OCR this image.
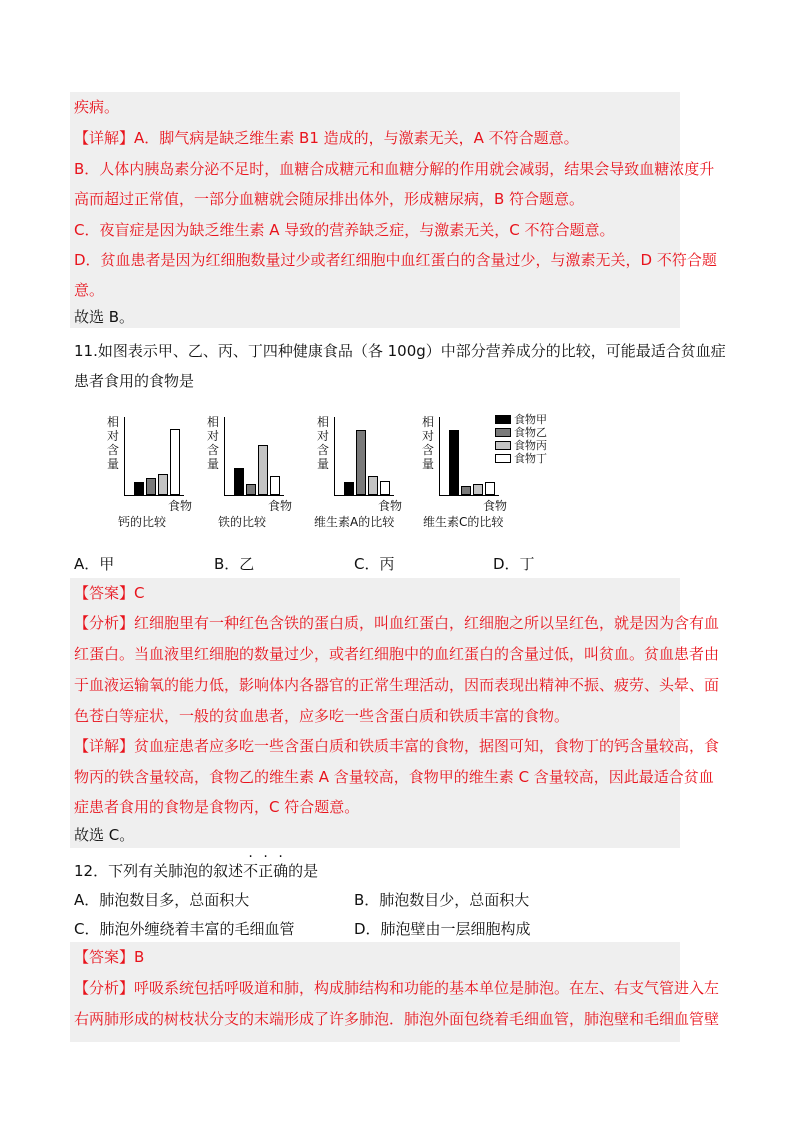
疾病。
【详解】A．脚气病是缺乏维生素 B1 造成的，与激素无关，A 不符合题意。
B．人体内胰岛素分泌不足时，血糖合成糖元和血糖分解的作用就会减弱，结果会导致血糖浓度升
高而超过正常值，一部分血糖就会随尿排出体外，形成糖尿病，B 符合题意。
C．夜盲症是因为缺乏维生素 A 导致的营养缺乏症，与激素无关，C 不符合题意。
D．贫血患者是因为红细胞数量过少或者红细胞中血红蛋白的含量过少，与激素无关，D 不符合题
意。
故选 B。
11.如图表示甲、乙、丙、丁四种健康食品（各 100g）中部分营养成分的比较，可能最适合贫血症
患者食用的食物是
食物甲
食物乙
食物丙
食物丁
相对含量
食物
钙的比较
相对含量
食物
铁的比较
相对含量
食物
维生素A的比较
相对含量
食物
维生素C的比较
A．甲	B．乙	C．丙	D．丁
【答案】C
【分析】红细胞里有一种红色含铁的蛋白质，叫血红蛋白，红细胞之所以呈红色，就是因为含有血
红蛋白。当血液里红细胞的数量过少，或者红细胞中的血红蛋白的含量过低，叫贫血。贫血患者由
于血液运输氧的能力低，影响体内各器官的正常生理活动，因而表现出精神不振、疲劳、头晕、面
色苍白等症状，一般的贫血患者，应多吃一些含蛋白质和铁质丰富的食物。
【详解】贫血症患者应多吃一些含蛋白质和铁质丰富的食物，据图可知，食物丁的钙含量较高，食
物丙的铁含量较高，食物乙的维生素 A 含量较高，食物甲的维生素 C 含量较高，因此最适合贫血
症患者食用的食物是食物丙，C 符合题意。
故选 C。
12．下列有关肺泡的叙述不正确的是
A．肺泡数目多，总面积大	B．肺泡数目少，总面积大
C．肺泡外缠绕着丰富的毛细血管	D．肺泡壁由一层细胞构成
【答案】B
【分析】呼吸系统包括呼吸道和肺，构成肺结构和功能的基本单位是肺泡。在左、右支气管进入左
右两肺形成的树枝状分支的末端形成了许多肺泡．肺泡外面包绕着毛细血管，肺泡壁和毛细血管壁
